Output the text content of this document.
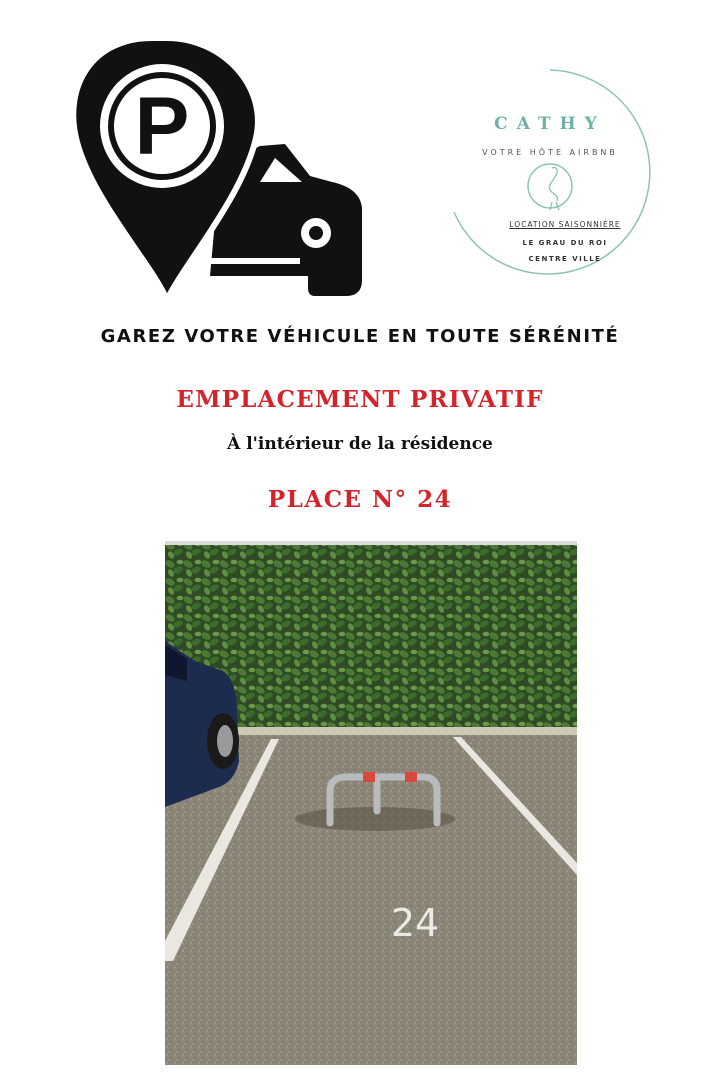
P	CATHY
VOTRE HÔTE AIRBNB
LOCATION SAISONNIÈRE
LE GRAU DU ROI
CENTRE VILLE
GAREZ VOTRE VÉHICULE EN TOUTE SÉRÉNITÉ
EMPLACEMENT PRIVATIF
À l'intérieur de la résidence
PLACE N° 24
24
